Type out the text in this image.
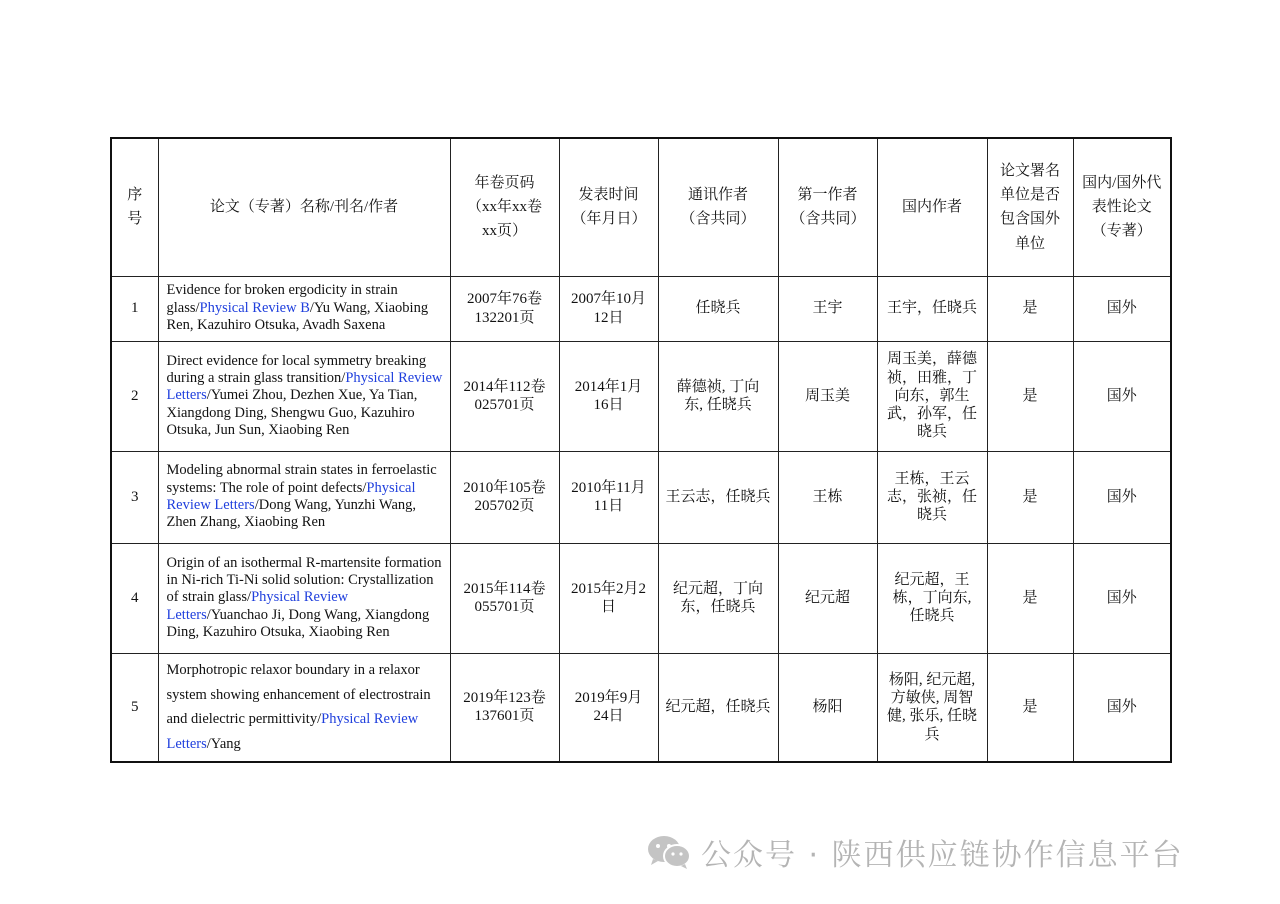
序号	论文（专著）名称/刊名/作者	年卷页码（xx年xx卷xx页）	发表时间（年月日）	通讯作者（含共同）	第一作者（含共同）	国内作者	论文署名单位是否包含国外单位	国内/国外代表性论文（专著）
1	Evidence for broken ergodicity in strain glass/Physical Review B/Yu Wang, Xiaobing Ren, Kazuhiro Otsuka, Avadh Saxena	2007年76卷132201页	2007年10月12日	任晓兵	王宇	王宇，任晓兵	是	国外
2	Direct evidence for local symmetry breaking during a strain glass transition/Physical Review Letters/Yumei Zhou, Dezhen Xue, Ya Tian, Xiangdong Ding, Shengwu Guo, Kazuhiro Otsuka, Jun Sun, Xiaobing Ren	2014年112卷025701页	2014年1月16日	薛德祯, 丁向东, 任晓兵	周玉美	周玉美，薛德祯，田雅，丁向东，郭生武，孙军，任晓兵	是	国外
3	Modeling abnormal strain states in ferroelastic systems: The role of point defects/Physical Review Letters/Dong Wang, Yunzhi Wang, Zhen Zhang, Xiaobing Ren	2010年105卷205702页	2010年11月11日	王云志，任晓兵	王栋	王栋，王云志，张祯，任晓兵	是	国外
4	Origin of an isothermal R-martensite formation in Ni-rich Ti-Ni solid solution: Crystallization of strain glass/Physical Review Letters/Yuanchao Ji, Dong Wang, Xiangdong Ding, Kazuhiro Otsuka, Xiaobing Ren	2015年114卷055701页	2015年2月2日	纪元超，丁向东，任晓兵	纪元超	纪元超，王栋，丁向东, 任晓兵	是	国外
5	Morphotropic relaxor boundary in a relaxor system showing enhancement of electrostrain and dielectric permittivity/Physical Review Letters/Yang	2019年123卷137601页	2019年9月24日	纪元超，任晓兵	杨阳	杨阳, 纪元超, 方敏侠, 周智健, 张乐, 任晓兵	是	国外
公众号 · 陕西供应链协作信息平台
